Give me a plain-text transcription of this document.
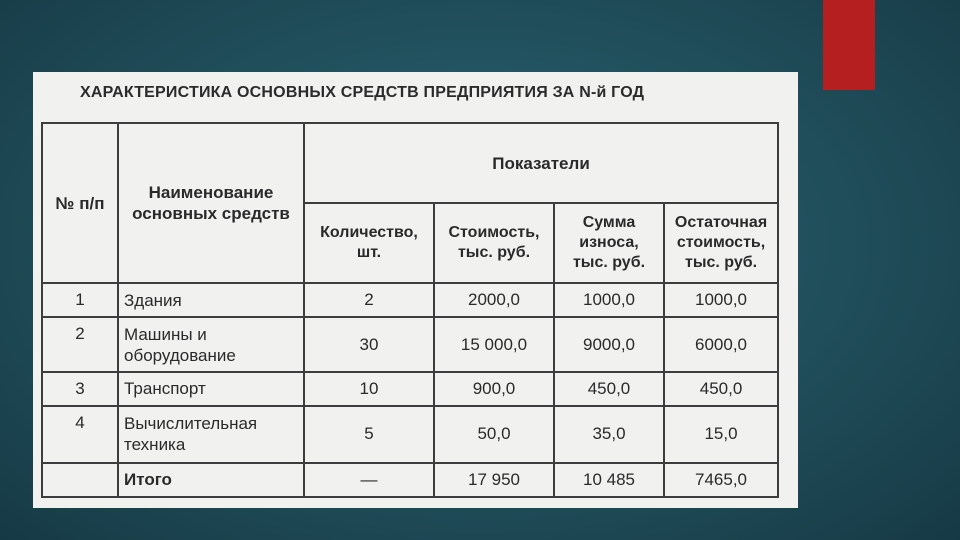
ХАРАКТЕРИСТИКА ОСНОВНЫХ СРЕДСТВ ПРЕДПРИЯТИЯ ЗА N-й ГОД
№ п/п	Наименование основных средств	Показатели			
		Количество, шт.	Стоимость, тыс. руб.	Сумма износа, тыс. руб.	Остаточная стоимость, тыс. руб.
1	Здания	2	2000,0	1000,0	1000,0
2	Машины и оборудование	30	15 000,0	9000,0	6000,0
3	Транспорт	10	900,0	450,0	450,0
4	Вычислительная техника	5	50,0	35,0	15,0
	Итого	—	17 950	10 485	7465,0
